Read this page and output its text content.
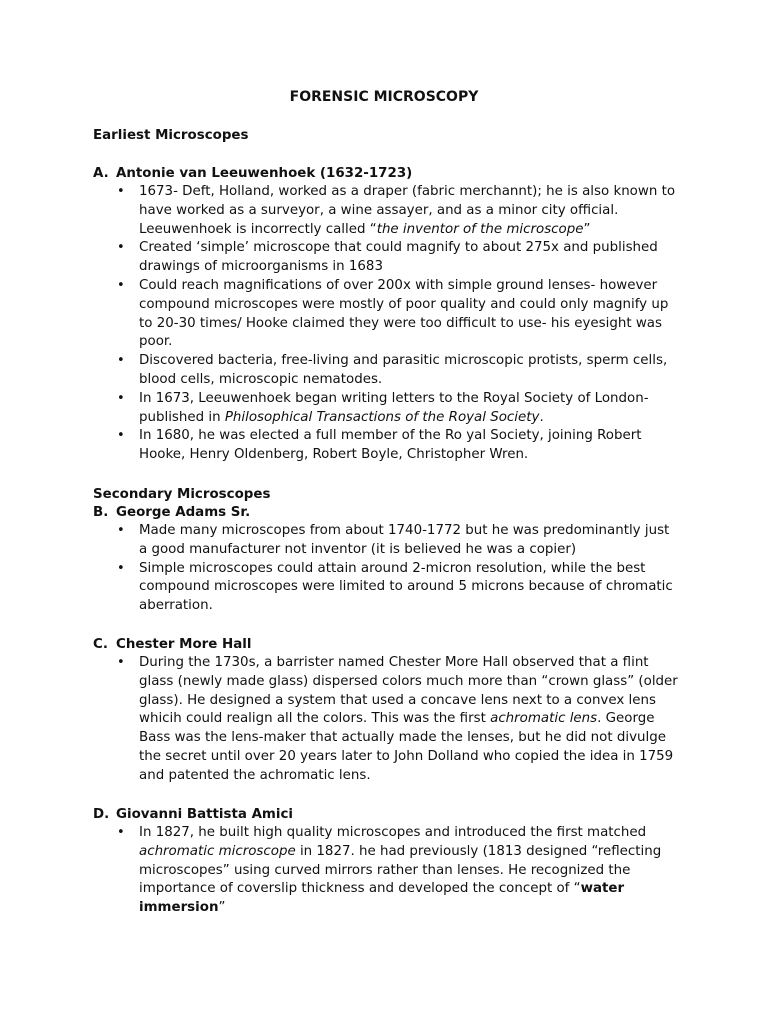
FORENSIC MICROSCOPY
Earliest Microscopes
A. Antonie van Leeuwenhoek (1632-1723)
• 1673- Deft, Holland, worked as a draper (fabric merchannt); he is also known to have worked as a surveyor, a wine assayer, and as a minor city official. Leeuwenhoek is incorrectly called “the inventor of the microscope”
• Created ‘simple’ microscope that could magnify to about 275x and published drawings of microorganisms in 1683
• Could reach magnifications of over 200x with simple ground lenses- however compound microscopes were mostly of poor quality and could only magnify up to 20-30 times/ Hooke claimed they were too difficult to use- his eyesight was poor.
• Discovered bacteria, free-living and parasitic microscopic protists, sperm cells, blood cells, microscopic nematodes.
• In 1673, Leeuwenhoek began writing letters to the Royal Society of London- published in Philosophical Transactions of the Royal Society.
• In 1680, he was elected a full member of the Ro yal Society, joining Robert Hooke, Henry Oldenberg, Robert Boyle, Christopher Wren.
Secondary Microscopes
B. George Adams Sr.
• Made many microscopes from about 1740-1772 but he was predominantly just a good manufacturer not inventor (it is believed he was a copier)
• Simple microscopes could attain around 2-micron resolution, while the best compound microscopes were limited to around 5 microns because of chromatic aberration.
C. Chester More Hall
• During the 1730s, a barrister named Chester More Hall observed that a flint glass (newly made glass) dispersed colors much more than “crown glass” (older glass). He designed a system that used a concave lens next to a convex lens whicih could realign all the colors. This was the first achromatic lens. George Bass was the lens-maker that actually made the lenses, but he did not divulge the secret until over 20 years later to John Dolland who copied the idea in 1759 and patented the achromatic lens.
D. Giovanni Battista Amici
• In 1827, he built high quality microscopes and introduced the first matched achromatic microscope in 1827. he had previously (1813 designed “reflecting microscopes” using curved mirrors rather than lenses. He recognized the importance of coverslip thickness and developed the concept of “water immersion”
